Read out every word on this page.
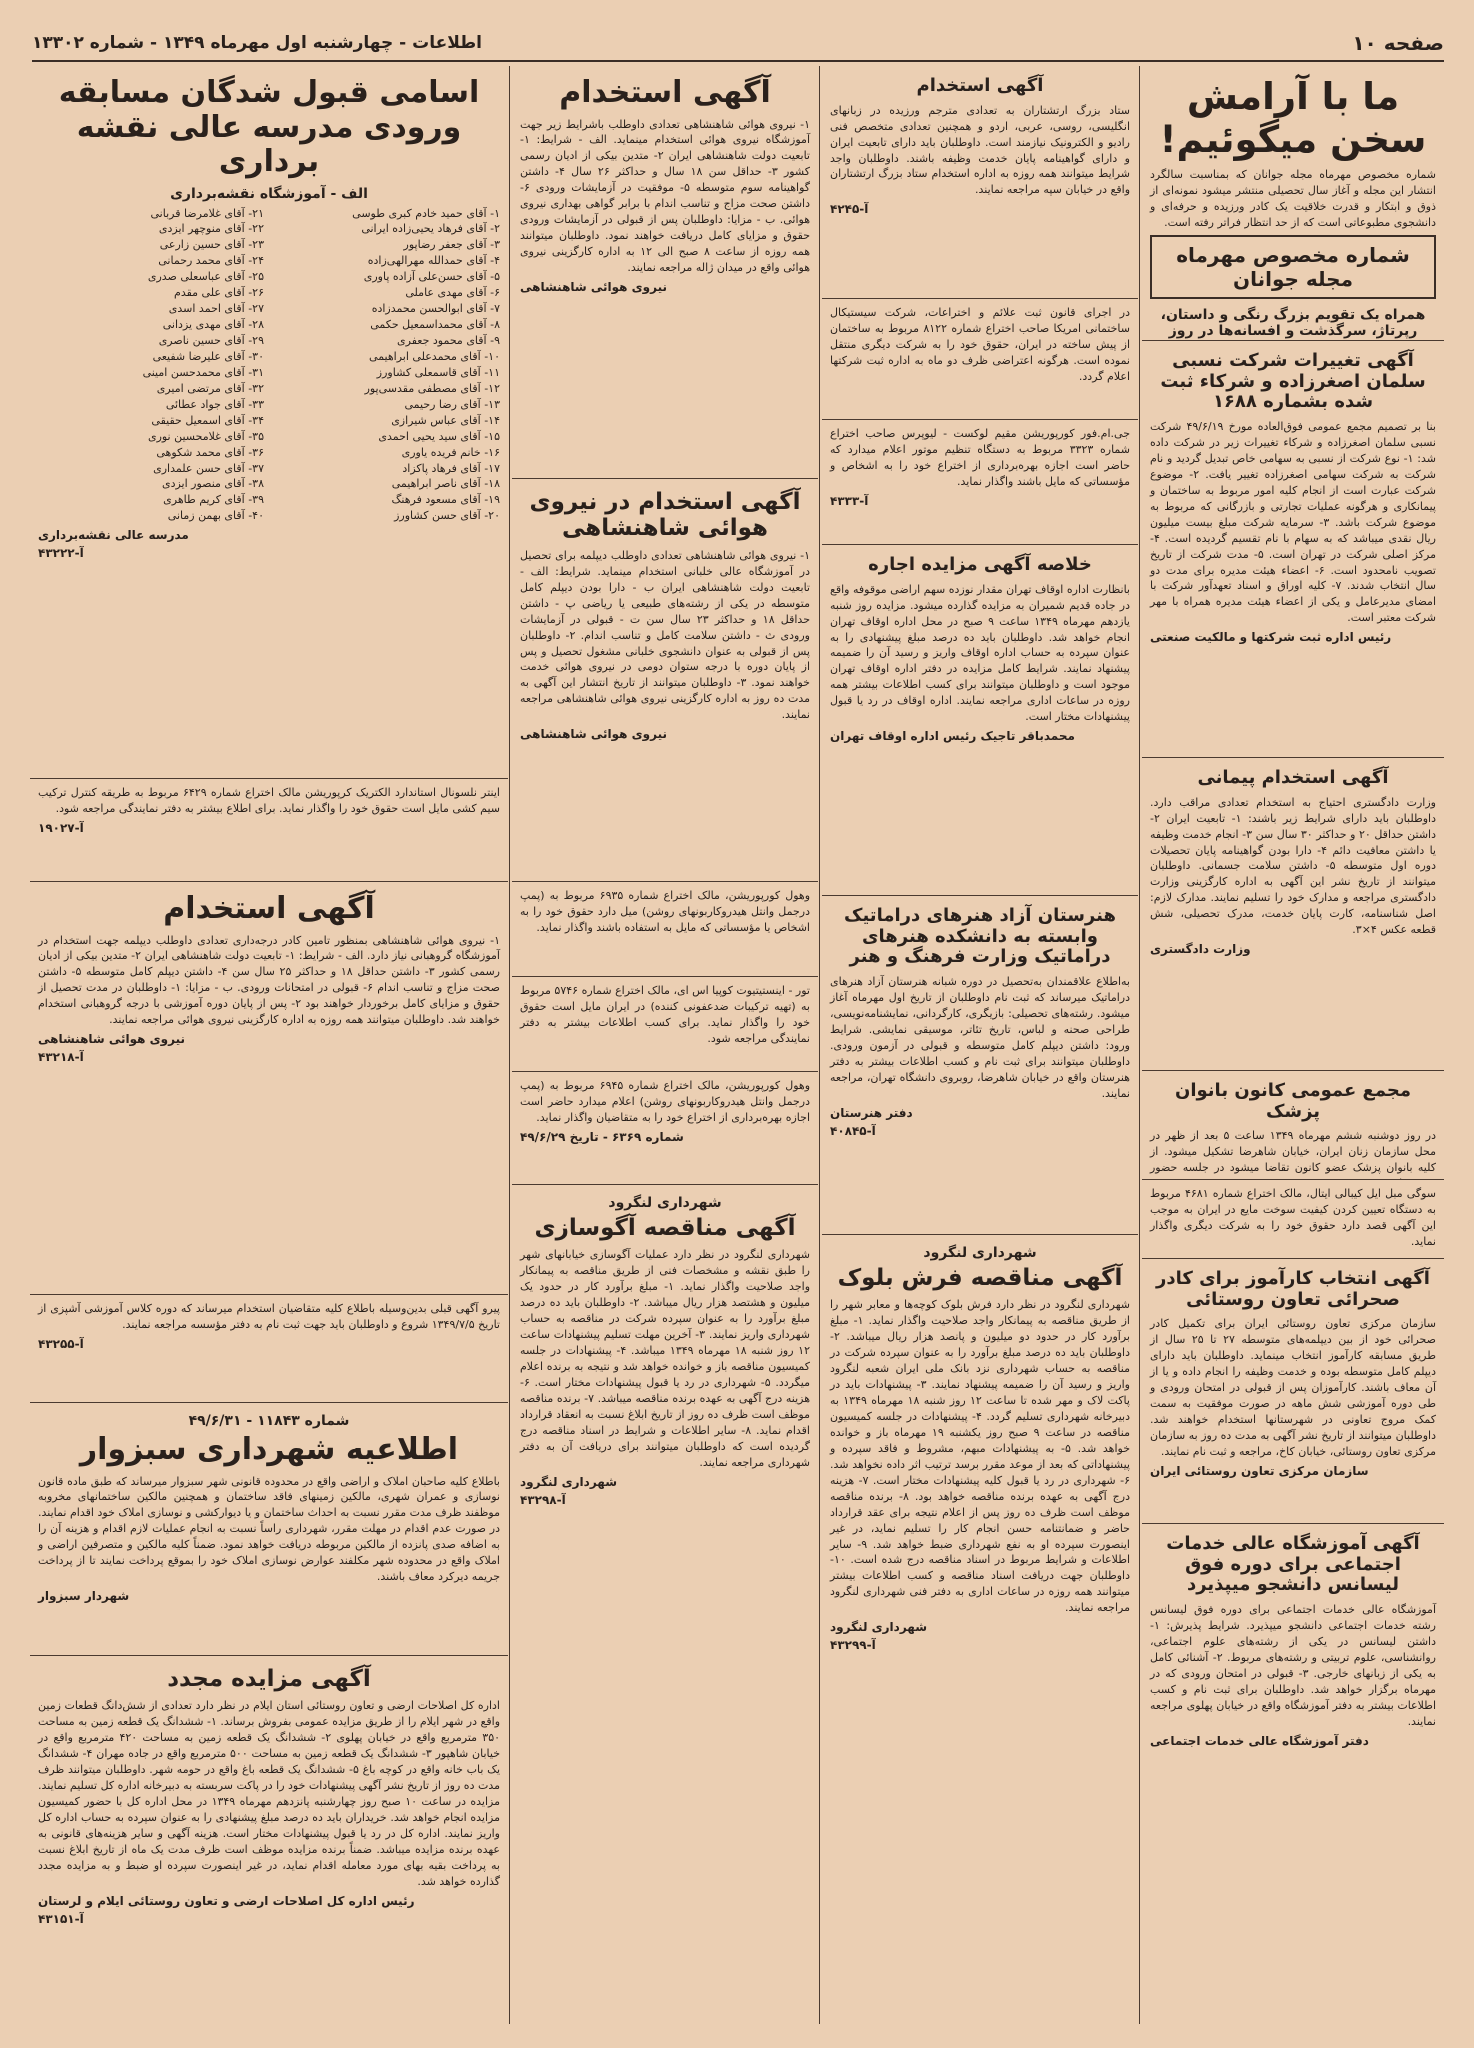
صفحه ۱۰
اطلاعات - چهارشنبه اول مهرماه ۱۳۴۹ - شماره ۱۳۳۰۲
ما با آرامش سخن میگوئیم!
شماره مخصوص مهرماه مجله جوانان که بمناسبت سالگرد انتشار این مجله و آغاز سال تحصیلی منتشر میشود نمونه‌ای از ذوق و ابتکار و قدرت خلاقیت یک کادر ورزیده و حرفه‌ای و دانشجوی مطبوعاتی است که از حد انتظار فراتر رفته است.
شماره مخصوص مهرماه مجله جوانان
همراه یک تقویم بزرگ رنگی و داستان، رپرتاژ، سرگذشت و افسانه‌ها در روز
آگهی تغییرات شرکت نسبی سلمان اصغرزاده و شرکاء ثبت شده بشماره ۱۶۸۸
بنا بر تصمیم مجمع عمومی فوق‌العاده مورخ ۴۹/۶/۱۹ شرکت نسبی سلمان اصغرزاده و شرکاء تغییرات زیر در شرکت داده شد: ۱- نوع شرکت از نسبی به سهامی خاص تبدیل گردید و نام شرکت به شرکت سهامی اصغرزاده تغییر یافت. ۲- موضوع شرکت عبارت است از انجام کلیه امور مربوط به ساختمان و پیمانکاری و هرگونه عملیات تجارتی و بازرگانی که مربوط به موضوع شرکت باشد. ۳- سرمایه شرکت مبلغ بیست میلیون ریال نقدی میباشد که به سهام با نام تقسیم گردیده است. ۴- مرکز اصلی شرکت در تهران است. ۵- مدت شرکت از تاریخ تصویب نامحدود است. ۶- اعضاء هیئت مدیره برای مدت دو سال انتخاب شدند. ۷- کلیه اوراق و اسناد تعهدآور شرکت با امضای مدیرعامل و یکی از اعضاء هیئت مدیره همراه با مهر شرکت معتبر است.
رئیس اداره ثبت شرکتها و مالکیت صنعتی
آگهی استخدام پیمانی
وزارت دادگستری احتیاج به استخدام تعدادی مراقب دارد. داوطلبان باید دارای شرایط زیر باشند: ۱- تابعیت ایران ۲- داشتن حداقل ۲۰ و حداکثر ۳۰ سال سن ۳- انجام خدمت وظیفه یا داشتن معافیت دائم ۴- دارا بودن گواهینامه پایان تحصیلات دوره اول متوسطه ۵- داشتن سلامت جسمانی. داوطلبان میتوانند از تاریخ نشر این آگهی به اداره کارگزینی وزارت دادگستری مراجعه و مدارک خود را تسلیم نمایند. مدارک لازم: اصل شناسنامه، کارت پایان خدمت، مدرک تحصیلی، شش قطعه عکس ۴×۳.
وزارت دادگستری
مجمع عمومی کانون بانوان پزشک
در روز دوشنبه ششم مهرماه ۱۳۴۹ ساعت ۵ بعد از ظهر در محل سازمان زنان ایران، خیابان شاهرضا تشکیل میشود. از کلیه بانوان پزشک عضو کانون تقاضا میشود در جلسه حضور
سوگی مبل ایل کیبالی ایتال، مالک اختراع شماره ۴۶۸۱ مربوط به دستگاه تعیین کردن کیفیت سوخت مایع در ایران به موجب این آگهی قصد دارد حقوق خود را به شرکت دیگری واگذار نماید.
آگهی انتخاب کارآموز برای کادر صحرائی تعاون روستائی
سازمان مرکزی تعاون روستائی ایران برای تکمیل کادر صحرائی خود از بین دیپلمه‌های متوسطه ۲۷ تا ۲۵ سال از طریق مسابقه کارآموز انتخاب مینماید. داوطلبان باید دارای دیپلم کامل متوسطه بوده و خدمت وظیفه را انجام داده و یا از آن معاف باشند. کارآموزان پس از قبولی در امتحان ورودی و طی دوره آموزشی شش ماهه در صورت موفقیت به سمت کمک مروج تعاونی در شهرستانها استخدام خواهند شد. داوطلبان میتوانند از تاریخ نشر آگهی به مدت ده روز به سازمان مرکزی تعاون روستائی، خیابان کاخ، مراجعه و ثبت نام نمایند.
سازمان مرکزی تعاون روستائی ایران
آگهی آموزشگاه عالی خدمات اجتماعی برای دوره فوق لیسانس دانشجو میپذیرد
آموزشگاه عالی خدمات اجتماعی برای دوره فوق لیسانس رشته خدمات اجتماعی دانشجو میپذیرد. شرایط پذیرش: ۱- داشتن لیسانس در یکی از رشته‌های علوم اجتماعی، روانشناسی، علوم تربیتی و رشته‌های مربوط. ۲- آشنائی کامل به یکی از زبانهای خارجی. ۳- قبولی در امتحان ورودی که در مهرماه برگزار خواهد شد. داوطلبان برای ثبت نام و کسب اطلاعات بیشتر به دفتر آموزشگاه واقع در خیابان پهلوی مراجعه نمایند.
دفتر آموزشگاه عالی خدمات اجتماعی
آگهی استخدام
ستاد بزرگ ارتشتاران به تعدادی مترجم ورزیده در زبانهای انگلیسی، روسی، عربی، اردو و همچنین تعدادی متخصص فنی رادیو و الکترونیک نیازمند است. داوطلبان باید دارای تابعیت ایران و دارای گواهینامه پایان خدمت وظیفه باشند. داوطلبان واجد شرایط میتوانند همه روزه به اداره استخدام ستاد بزرگ ارتشتاران واقع در خیابان سپه مراجعه نمایند.
آ-۴۲۴۵
در اجرای قانون ثبت علائم و اختراعات، شرکت سیستیکال ساختمانی امریکا صاحب اختراع شماره ۸۱۲۲ مربوط به ساختمان از پیش ساخته در ایران، حقوق خود را به شرکت دیگری منتقل نموده است. هرگونه اعتراضی ظرف دو ماه به اداره ثبت شرکتها اعلام گردد.
جی.ام.فور کورپوریشن مقیم لوکست - لیوپرس صاحب اختراع شماره ۳۳۲۳ مربوط به دستگاه تنظیم موتور اعلام میدارد که حاضر است اجازه بهره‌برداری از اختراع خود را به اشخاص و مؤسساتی که مایل باشند واگذار نماید.
آ-۴۳۳۳
خلاصه آگهی مزایده اجاره
بانظارت اداره اوقاف تهران مقدار نوزده سهم اراضی موقوفه واقع در جاده قدیم شمیران به مزایده گذارده میشود. مزایده روز شنبه یازدهم مهرماه ۱۳۴۹ ساعت ۹ صبح در محل اداره اوقاف تهران انجام خواهد شد. داوطلبان باید ده درصد مبلغ پیشنهادی را به عنوان سپرده به حساب اداره اوقاف واریز و رسید آن را ضمیمه پیشنهاد نمایند. شرایط کامل مزایده در دفتر اداره اوقاف تهران موجود است و داوطلبان میتوانند برای کسب اطلاعات بیشتر همه روزه در ساعات اداری مراجعه نمایند. اداره اوقاف در رد یا قبول پیشنهادات مختار است.
محمدباقر تاجیک رئیس اداره اوقاف تهران
هنرستان آزاد هنرهای دراماتیک وابسته به دانشکده هنرهای دراماتیک وزارت فرهنگ و هنر
به‌اطلاع علاقمندان به‌تحصیل در دوره شبانه هنرستان آزاد هنرهای دراماتیک میرساند که ثبت نام داوطلبان از تاریخ اول مهرماه آغاز میشود. رشته‌های تحصیلی: بازیگری، کارگردانی، نمایشنامه‌نویسی، طراحی صحنه و لباس، تاریخ تئاتر، موسیقی نمایشی. شرایط ورود: داشتن دیپلم کامل متوسطه و قبولی در آزمون ورودی. داوطلبان میتوانند برای ثبت نام و کسب اطلاعات بیشتر به دفتر هنرستان واقع در خیابان شاهرضا، روبروی دانشگاه تهران، مراجعه نمایند.
دفتر هنرستان
آ-۴۰۸۴۵
شهرداری لنگرود
آگهی مناقصه فرش بلوک
شهرداری لنگرود در نظر دارد فرش بلوک کوچه‌ها و معابر شهر را از طریق مناقصه به پیمانکار واجد صلاحیت واگذار نماید. ۱- مبلغ برآورد کار در حدود دو میلیون و پانصد هزار ریال میباشد. ۲- داوطلبان باید ده درصد مبلغ برآورد را به عنوان سپرده شرکت در مناقصه به حساب شهرداری نزد بانک ملی ایران شعبه لنگرود واریز و رسید آن را ضمیمه پیشنهاد نمایند. ۳- پیشنهادات باید در پاکت لاک و مهر شده تا ساعت ۱۲ روز شنبه ۱۸ مهرماه ۱۳۴۹ به دبیرخانه شهرداری تسلیم گردد. ۴- پیشنهادات در جلسه کمیسیون مناقصه در ساعت ۹ صبح روز یکشنبه ۱۹ مهرماه باز و خوانده خواهد شد. ۵- به پیشنهادات مبهم، مشروط و فاقد سپرده و پیشنهاداتی که بعد از موعد مقرر برسد ترتیب اثر داده نخواهد شد. ۶- شهرداری در رد یا قبول کلیه پیشنهادات مختار است. ۷- هزینه درج آگهی به عهده برنده مناقصه خواهد بود. ۸- برنده مناقصه موظف است ظرف ده روز پس از اعلام نتیجه برای عقد قرارداد حاضر و ضمانتنامه حسن انجام کار را تسلیم نماید، در غیر اینصورت سپرده او به نفع شهرداری ضبط خواهد شد. ۹- سایر اطلاعات و شرایط مربوط در اسناد مناقصه درج شده است. ۱۰- داوطلبان جهت دریافت اسناد مناقصه و کسب اطلاعات بیشتر میتوانند همه روزه در ساعات اداری به دفتر فنی شهرداری لنگرود مراجعه نمایند.
شهرداری لنگرود
آ-۴۳۲۹۹
آگهی استخدام
۱- نیروی هوائی شاهنشاهی تعدادی داوطلب باشرایط زیر جهت آموزشگاه نیروی هوائی استخدام مینماید. الف - شرایط: ۱- تابعیت دولت شاهنشاهی ایران ۲- متدین بیکی از ادیان رسمی کشور ۳- حداقل سن ۱۸ سال و حداکثر ۲۶ سال ۴- داشتن گواهینامه سوم متوسطه ۵- موفقیت در آزمایشات ورودی ۶- داشتن صحت مزاج و تناسب اندام با برابر گواهی بهداری نیروی هوائی. ب - مزایا: داوطلبان پس از قبولی در آزمایشات ورودی حقوق و مزایای کامل دریافت خواهند نمود. داوطلبان میتوانند همه روزه از ساعت ۸ صبح الی ۱۲ به اداره کارگزینی نیروی هوائی واقع در میدان ژاله مراجعه نمایند.
نیروی هوائی شاهنشاهی
آگهی استخدام در نیروی هوائی شاهنشاهی
۱- نیروی هوائی شاهنشاهی تعدادی داوطلب دیپلمه برای تحصیل در آموزشگاه عالی خلبانی استخدام مینماید. شرایط: الف - تابعیت دولت شاهنشاهی ایران ب - دارا بودن دیپلم کامل متوسطه در یکی از رشته‌های طبیعی یا ریاضی پ - داشتن حداقل ۱۸ و حداکثر ۲۳ سال سن ت - قبولی در آزمایشات ورودی ث - داشتن سلامت کامل و تناسب اندام. ۲- داوطلبان پس از قبولی به عنوان دانشجوی خلبانی مشغول تحصیل و پس از پایان دوره با درجه ستوان دومی در نیروی هوائی خدمت خواهند نمود. ۳- داوطلبان میتوانند از تاریخ انتشار این آگهی به مدت ده روز به اداره کارگزینی نیروی هوائی شاهنشاهی مراجعه نمایند.
نیروی هوائی شاهنشاهی
وهول کورپوریشن، مالک اختراع شماره ۶۹۳۵ مربوط به (پمپ درجمل وانتل هیدروکاربونهای روشن) میل دارد حقوق خود را به اشخاص یا مؤسساتی که مایل به استفاده باشند واگذار نماید.
تور - اینستیتیوت کوپیا اس ای، مالک اختراع شماره ۵۷۴۶ مربوط به (تهیه ترکیبات ضدعفونی کننده) در ایران مایل است حقوق خود را واگذار نماید. برای کسب اطلاعات بیشتر به دفتر نمایندگی مراجعه شود.
وهول کورپوریشن، مالک اختراع شماره ۶۹۴۵ مربوط به (پمپ درجمل وانتل هیدروکاربونهای روشن) اعلام میدارد حاضر است اجازه بهره‌برداری از اختراع خود را به متقاضیان واگذار نماید.
شماره ۶۳۶۹ - تاریخ ۴۹/۶/۲۹
شهرداری لنگرود
آگهی مناقصه آگوسازی
شهرداری لنگرود در نظر دارد عملیات آگوسازی خیابانهای شهر را طبق نقشه و مشخصات فنی از طریق مناقصه به پیمانکار واجد صلاحیت واگذار نماید. ۱- مبلغ برآورد کار در حدود یک میلیون و هشتصد هزار ریال میباشد. ۲- داوطلبان باید ده درصد مبلغ برآورد را به عنوان سپرده شرکت در مناقصه به حساب شهرداری واریز نمایند. ۳- آخرین مهلت تسلیم پیشنهادات ساعت ۱۲ روز شنبه ۱۸ مهرماه ۱۳۴۹ میباشد. ۴- پیشنهادات در جلسه کمیسیون مناقصه باز و خوانده خواهد شد و نتیجه به برنده اعلام میگردد. ۵- شهرداری در رد یا قبول پیشنهادات مختار است. ۶- هزینه درج آگهی به عهده برنده مناقصه میباشد. ۷- برنده مناقصه موظف است ظرف ده روز از تاریخ ابلاغ نسبت به انعقاد قرارداد اقدام نماید. ۸- سایر اطلاعات و شرایط در اسناد مناقصه درج گردیده است که داوطلبان میتوانند برای دریافت آن به دفتر شهرداری مراجعه نمایند.
شهرداری لنگرود
آ-۴۳۲۹۸
اسامی قبول شدگان مسابقه ورودی مدرسه عالی نقشه برداری
الف - آموزشگاه نقشه‌برداری
۱- آقای حمید خادم کبری طوسی
۲- آقای فرهاد یحیی‌زاده ایرانی
۳- آقای جعفر رضاپور
۴- آقای حمدالله مهرالهی‌زاده
۵- آقای حسن‌علی آزاده پاوری
۶- آقای مهدی عاملی
۷- آقای ابوالحسن محمدزاده
۸- آقای محمداسمعیل حکمی
۹- آقای محمود جعفری
۱۰- آقای محمدعلی ابراهیمی
۱۱- آقای قاسمعلی کشاورز
۱۲- آقای مصطفی مقدسی‌پور
۱۳- آقای رضا رحیمی
۱۴- آقای عباس شیرازی
۱۵- آقای سید یحیی احمدی
۱۶- خانم فریده یاوری
۱۷- آقای فرهاد پاکزاد
۱۸- آقای ناصر ابراهیمی
۱۹- آقای مسعود فرهنگ
۲۰- آقای حسن کشاورز
۲۱- آقای غلامرضا قربانی
۲۲- آقای منوچهر ایزدی
۲۳- آقای حسین زارعی
۲۴- آقای محمد رحمانی
۲۵- آقای عباسعلی صدری
۲۶- آقای علی مقدم
۲۷- آقای احمد اسدی
۲۸- آقای مهدی یزدانی
۲۹- آقای حسین ناصری
۳۰- آقای علیرضا شفیعی
۳۱- آقای محمدحسن امینی
۳۲- آقای مرتضی امیری
۳۳- آقای جواد عطائی
۳۴- آقای اسمعیل حقیقی
۳۵- آقای غلامحسین نوری
۳۶- آقای محمد شکوهی
۳۷- آقای حسن علمداری
۳۸- آقای منصور ایزدی
۳۹- آقای کریم طاهری
۴۰- آقای بهمن زمانی
مدرسه عالی نقشه‌برداری
آ-۴۳۲۲۲
اینتر نلسونال استاندارد الکتریک کرپوریشن مالک اختراع شماره ۶۴۲۹ مربوط به طریقه کنترل ترکیب سیم کشی مایل است حقوق خود را واگذار نماید. برای اطلاع بیشتر به دفتر نمایندگی مراجعه شود.
آ-۱۹۰۲۷
آگهی استخدام
۱- نیروی هوائی شاهنشاهی بمنظور تامین کادر درجه‌داری تعدادی داوطلب دیپلمه جهت استخدام در آموزشگاه گروهبانی نیاز دارد. الف - شرایط: ۱- تابعیت دولت شاهنشاهی ایران ۲- متدین بیکی از ادیان رسمی کشور ۳- داشتن حداقل ۱۸ و حداکثر ۲۵ سال سن ۴- داشتن دیپلم کامل متوسطه ۵- داشتن صحت مزاج و تناسب اندام ۶- قبولی در امتحانات ورودی. ب - مزایا: ۱- داوطلبان در مدت تحصیل از حقوق و مزایای کامل برخوردار خواهند بود ۲- پس از پایان دوره آموزشی با درجه گروهبانی استخدام خواهند شد. داوطلبان میتوانند همه روزه به اداره کارگزینی نیروی هوائی مراجعه نمایند.
نیروی هوائی شاهنشاهی
آ-۴۳۲۱۸
پیرو آگهی قبلی بدین‌وسیله باطلاع کلیه متقاضیان استخدام میرساند که دوره کلاس آموزشی آشپزی از تاریخ ۱۳۴۹/۷/۵ شروع و داوطلبان باید جهت ثبت نام به دفتر مؤسسه مراجعه نمایند.
آ-۴۳۲۵۵
شماره ۱۱۸۴۳ - ۴۹/۶/۳۱
اطلاعیه شهرداری سبزوار
باطلاع کلیه صاحبان املاک و اراضی واقع در محدوده قانونی شهر سبزوار میرساند که طبق ماده قانون نوسازی و عمران شهری، مالکین زمینهای فاقد ساختمان و همچنین مالکین ساختمانهای مخروبه موظفند ظرف مدت مقرر نسبت به احداث ساختمان و یا دیوارکشی و نوسازی املاک خود اقدام نمایند. در صورت عدم اقدام در مهلت مقرر، شهرداری راساً نسبت به انجام عملیات لازم اقدام و هزینه آن را به اضافه صدی پانزده از مالکین مربوطه دریافت خواهد نمود. ضمناً کلیه مالکین و متصرفین اراضی و املاک واقع در محدوده شهر مکلفند عوارض نوسازی املاک خود را بموقع پرداخت نمایند تا از پرداخت جریمه دیرکرد معاف باشند.
شهردار سبزوار
آگهی مزایده مجدد
اداره کل اصلاحات ارضی و تعاون روستائی استان ایلام در نظر دارد تعدادی از شش‌دانگ قطعات زمین واقع در شهر ایلام را از طریق مزایده عمومی بفروش برساند. ۱- ششدانگ یک قطعه زمین به مساحت ۳۵۰ مترمربع واقع در خیابان پهلوی ۲- ششدانگ یک قطعه زمین به مساحت ۴۲۰ مترمربع واقع در خیابان شاهپور ۳- ششدانگ یک قطعه زمین به مساحت ۵۰۰ مترمربع واقع در جاده مهران ۴- ششدانگ یک باب خانه واقع در کوچه باغ ۵- ششدانگ یک قطعه باغ واقع در حومه شهر. داوطلبان میتوانند ظرف مدت ده روز از تاریخ نشر آگهی پیشنهادات خود را در پاکت سربسته به دبیرخانه اداره کل تسلیم نمایند. مزایده در ساعت ۱۰ صبح روز چهارشنبه پانزدهم مهرماه ۱۳۴۹ در محل اداره کل با حضور کمیسیون مزایده انجام خواهد شد. خریداران باید ده درصد مبلغ پیشنهادی را به عنوان سپرده به حساب اداره کل واریز نمایند. اداره کل در رد یا قبول پیشنهادات مختار است. هزینه آگهی و سایر هزینه‌های قانونی به عهده برنده مزایده میباشد. ضمناً برنده مزایده موظف است ظرف مدت یک ماه از تاریخ ابلاغ نسبت به پرداخت بقیه بهای مورد معامله اقدام نماید، در غیر اینصورت سپرده او ضبط و به مزایده مجدد گذارده خواهد شد.
رئیس اداره کل اصلاحات ارضی و تعاون روستائی ایلام و لرستان
آ-۴۳۱۵۱
